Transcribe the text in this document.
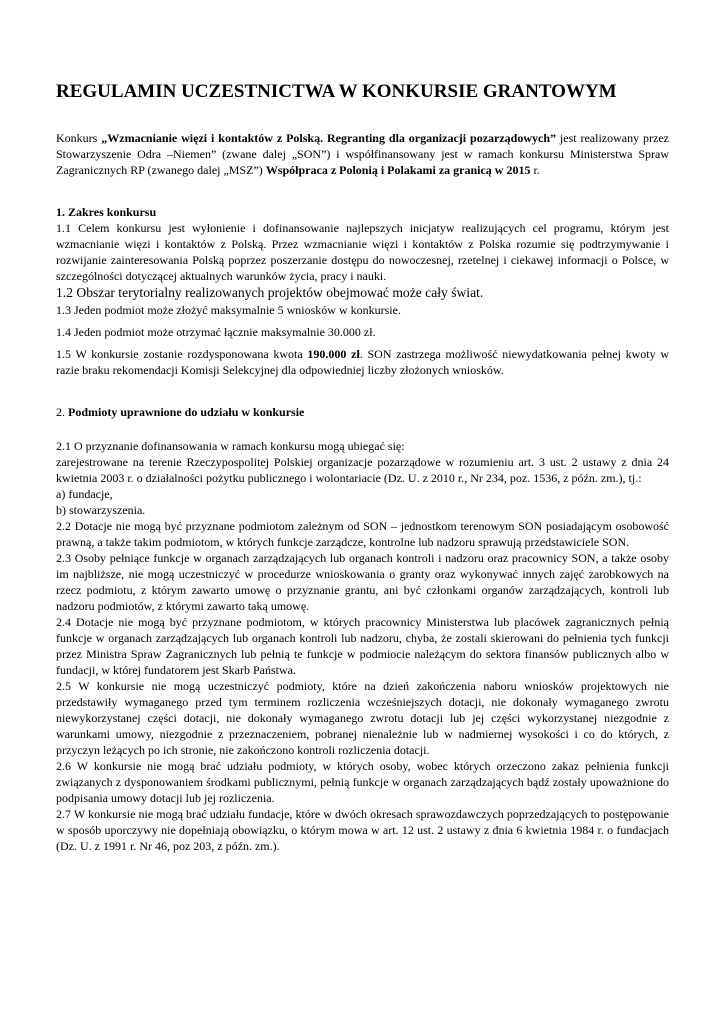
REGULAMIN UCZESTNICTWA W KONKURSIE GRANTOWYM

Konkurs „Wzmacnianie więzi i kontaktów z Polską. Regranting dla organizacji pozarządowych” jest realizowany przez Stowarzyszenie Odra –Niemen” (zwane dalej „SON”) i współfinansowany jest w ramach konkursu Ministerstwa Spraw Zagranicznych RP (zwanego dalej „MSZ”) Współpraca z Polonią i Polakami za granicą w 2015 r.

1. Zakres konkursu

1.1 Celem konkursu jest wyłonienie i dofinansowanie najlepszych inicjatyw realizujących cel programu, którym jest wzmacnianie więzi i kontaktów z Polską. Przez wzmacnianie więzi i kontaktów z Polska rozumie się podtrzymywanie i rozwijanie zainteresowania Polską poprzez poszerzanie dostępu do nowoczesnej, rzetelnej i ciekawej informacji o Polsce, w szczególności dotyczącej aktualnych warunków życia, pracy i nauki.

1.2 Obszar terytorialny realizowanych projektów obejmować może cały świat.

1.3 Jeden podmiot może złożyć maksymalnie 5 wniosków w konkursie.

1.4 Jeden podmiot może otrzymać łącznie maksymalnie 30.000 zł.

1.5 W konkursie zostanie rozdysponowana kwota 190.000 zł. SON zastrzega możliwość niewydatkowania pełnej kwoty w razie braku rekomendacji Komisji Selekcyjnej dla odpowiedniej liczby złożonych wniosków.

2. Podmioty uprawnione do udziału w konkursie

2.1 O przyznanie dofinansowania w ramach konkursu mogą ubiegać się:

zarejestrowane na terenie Rzeczypospolitej Polskiej organizacje pozarządowe w rozumieniu art. 3 ust. 2 ustawy z dnia 24 kwietnia 2003 r. o działalności pożytku publicznego i wolontariacie (Dz. U. z 2010 r., Nr 234, poz. 1536, z późn. zm.), tj.:

a) fundacje,

b) stowarzyszenia.

2.2 Dotacje nie mogą być przyznane podmiotom zależnym od SON – jednostkom terenowym SON posiadającym osobowość prawną, a także takim podmiotom, w których funkcje zarządcze, kontrolne lub nadzoru sprawują przedstawiciele SON.

2.3 Osoby pełniące funkcje w organach zarządzających lub organach kontroli i nadzoru oraz pracownicy SON, a także osoby im najbliższe, nie mogą uczestniczyć w procedurze wnioskowania o granty oraz wykonywać innych zajęć zarobkowych na rzecz podmiotu, z którym zawarto umowę o przyznanie grantu, ani być członkami organów zarządzających, kontroli lub nadzoru podmiotów, z którymi zawarto taką umowę.

2.4 Dotacje nie mogą być przyznane podmiotom, w których pracownicy Ministerstwa lub placówek zagranicznych pełnią funkcje w organach zarządzających lub organach kontroli lub nadzoru, chyba, że zostali skierowani do pełnienia tych funkcji przez Ministra Spraw Zagranicznych lub pełnią te funkcje w podmiocie należącym do sektora finansów publicznych albo w fundacji, w której fundatorem jest Skarb Państwa.

2.5 W konkursie nie mogą uczestniczyć podmioty, które na dzień zakończenia naboru wniosków projektowych nie przedstawiły wymaganego przed tym terminem rozliczenia wcześniejszych dotacji, nie dokonały wymaganego zwrotu niewykorzystanej części dotacji, nie dokonały wymaganego zwrotu dotacji lub jej części wykorzystanej niezgodnie z warunkami umowy, niezgodnie z przeznaczeniem, pobranej nienależnie lub w nadmiernej wysokości i co do których, z przyczyn leżących po ich stronie, nie zakończono kontroli rozliczenia dotacji.

2.6 W konkursie nie mogą brać udziału podmioty, w których osoby, wobec których orzeczono zakaz pełnienia funkcji związanych z dysponowaniem środkami publicznymi, pełnią funkcje w organach zarządzających bądź zostały upoważnione do podpisania umowy dotacji lub jej rozliczenia.

2.7 W konkursie nie mogą brać udziału fundacje, które w dwóch okresach sprawozdawczych poprzedzających to postępowanie w sposób uporczywy nie dopełniają obowiązku, o którym mowa w art. 12 ust. 2 ustawy z dnia 6 kwietnia 1984 r. o fundacjach (Dz. U. z 1991 r. Nr 46, poz 203, z późn. zm.).
